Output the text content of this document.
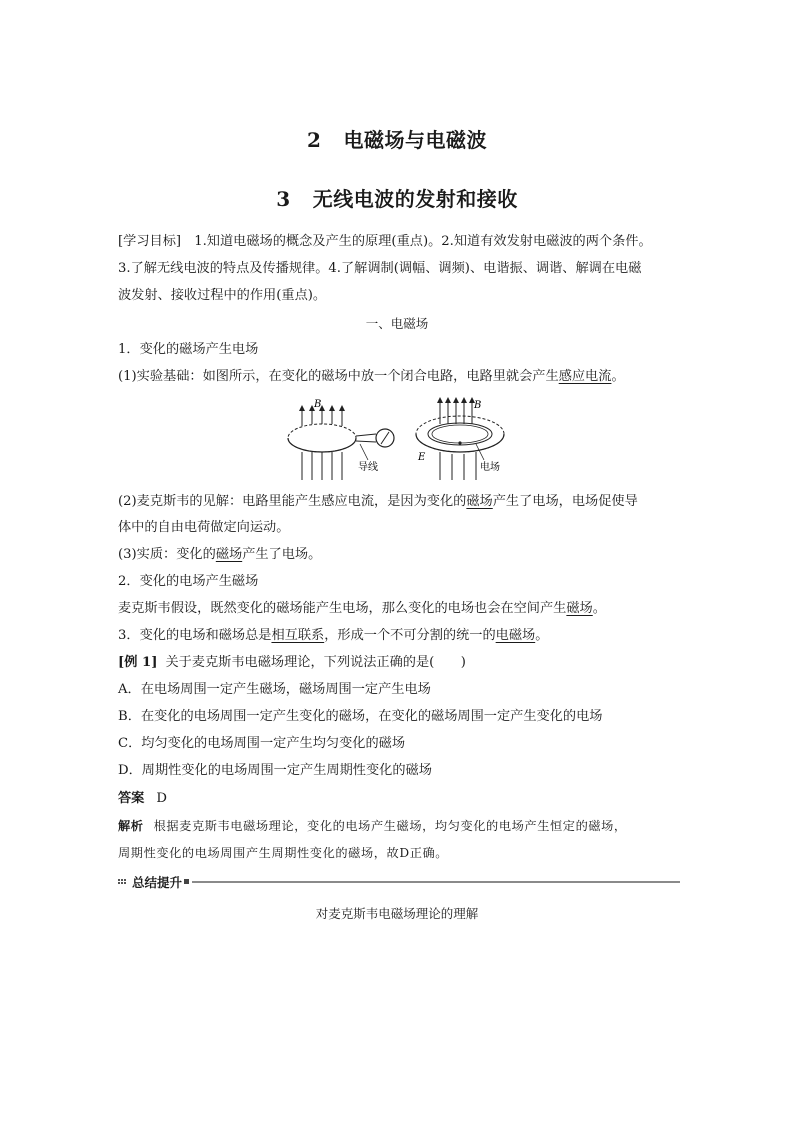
2 电磁场与电磁波
3 无线电波的发射和接收
[学习目标]　1.知道电磁场的概念及产生的原理(重点)。2.知道有效发射电磁波的两个条件。
3.了解无线电波的特点及传播规律。4.了解调制(调幅、调频)、电谐振、调谐、解调在电磁
波发射、接收过程中的作用(重点)。
一、电磁场
1．变化的磁场产生电场
(1)实验基础：如图所示，在变化的磁场中放一个闭合电路，电路里就会产生感应电流。
B
导线
B
E
电场
(2)麦克斯韦的见解：电路里能产生感应电流，是因为变化的磁场产生了电场，电场促使导
体中的自由电荷做定向运动。
(3)实质：变化的磁场产生了电场。
2．变化的电场产生磁场
麦克斯韦假设，既然变化的磁场能产生电场，那么变化的电场也会在空间产生磁场。
3．变化的电场和磁场总是相互联系，形成一个不可分割的统一的电磁场。
[例 1] 关于麦克斯韦电磁场理论，下列说法正确的是(　　)
A．在电场周围一定产生磁场，磁场周围一定产生电场
B．在变化的电场周围一定产生变化的磁场，在变化的磁场周围一定产生变化的电场
C．均匀变化的电场周围一定产生均匀变化的磁场
D．周期性变化的电场周围一定产生周期性变化的磁场
答案 D
解析 根据麦克斯韦电磁场理论，变化的电场产生磁场，均匀变化的电场产生恒定的磁场，
周期性变化的电场周围产生周期性变化的磁场，故D正确。
总结提升
对麦克斯韦电磁场理论的理解
